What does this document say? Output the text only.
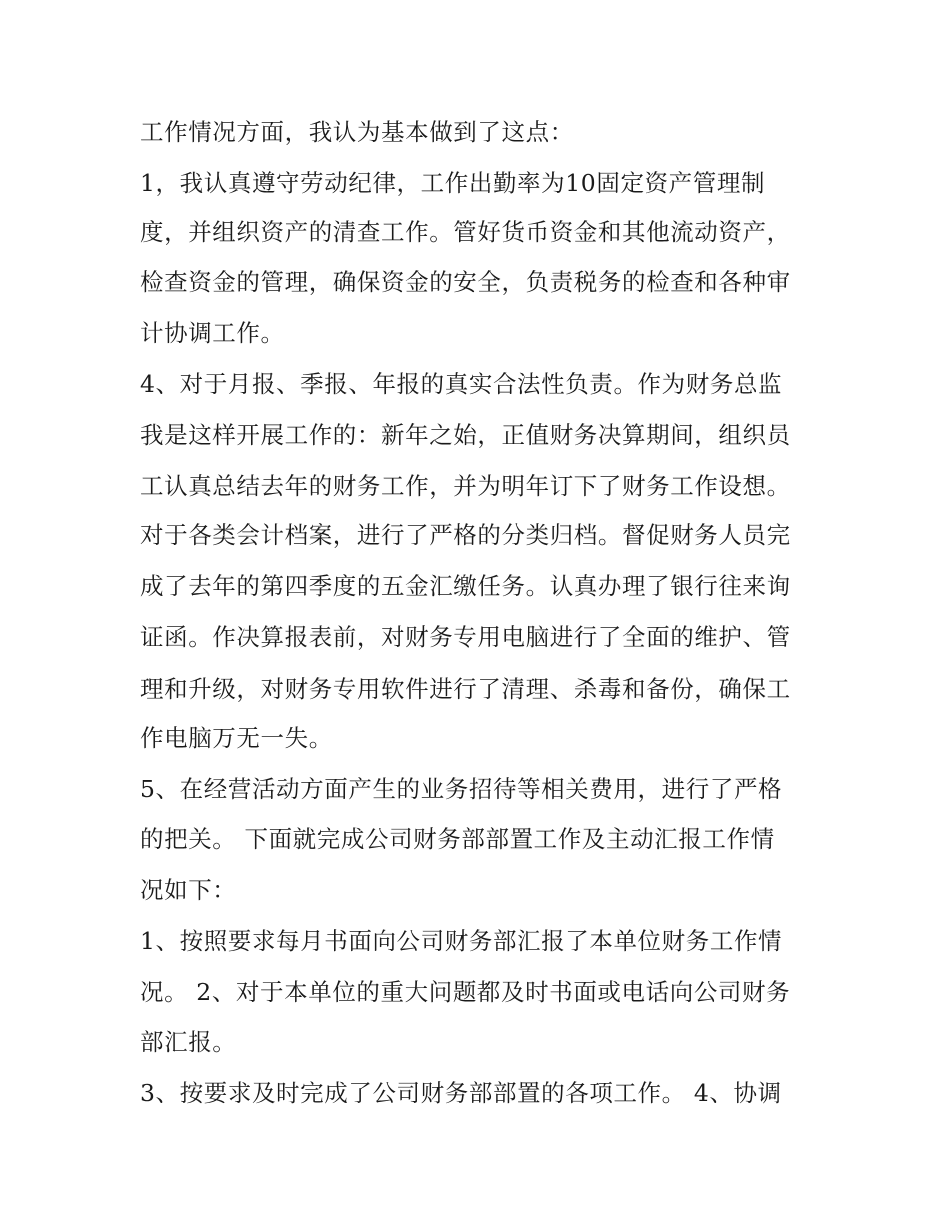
工作情况方面，我认为基本做到了这点：
1，我认真遵守劳动纪律，工作出勤率为10固定资产管理制
度，并组织资产的清查工作。管好货币资金和其他流动资产，
检查资金的管理，确保资金的安全，负责税务的检查和各种审
计协调工作。
4、对于月报、季报、年报的真实合法性负责。作为财务总监
我是这样开展工作的：新年之始，正值财务决算期间，组织员
工认真总结去年的财务工作，并为明年订下了财务工作设想。
对于各类会计档案，进行了严格的分类归档。督促财务人员完
成了去年的第四季度的五金汇缴任务。认真办理了银行往来询
证函。作决算报表前，对财务专用电脑进行了全面的维护、管
理和升级，对财务专用软件进行了清理、杀毒和备份，确保工
作电脑万无一失。
5、在经营活动方面产生的业务招待等相关费用，进行了严格
的把关。 下面就完成公司财务部部置工作及主动汇报工作情
况如下：
1、按照要求每月书面向公司财务部汇报了本单位财务工作情
况。 2、对于本单位的重大问题都及时书面或电话向公司财务
部汇报。
3、按要求及时完成了公司财务部部置的各项工作。 4、协调
